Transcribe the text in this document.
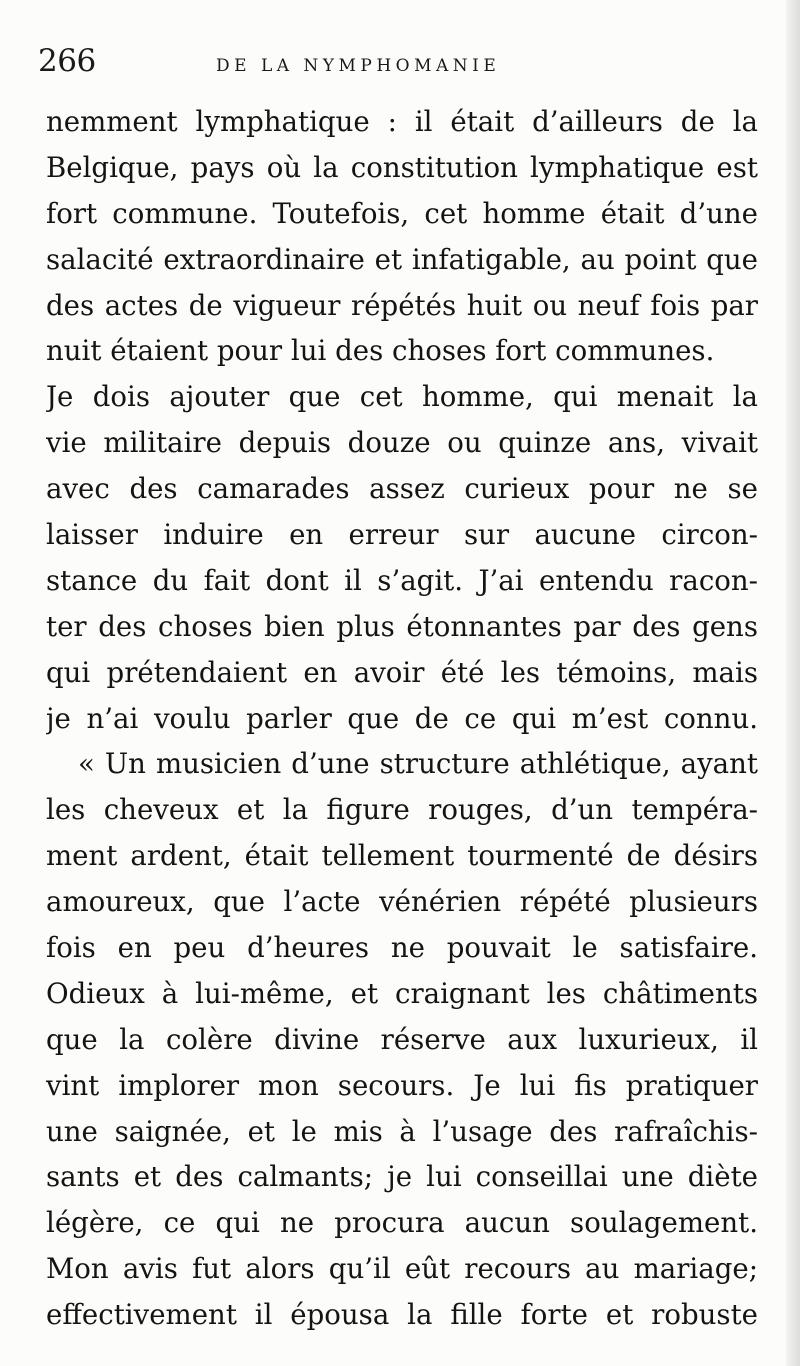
266	DE LA NYMPHOMANIE
nemment lymphatique : il était d’ailleurs de la
Belgique, pays où la constitution lymphatique est
fort commune. Toutefois, cet homme était d’une
salacité extraordinaire et infatigable, au point que
des actes de vigueur répétés huit ou neuf fois par
nuit étaient pour lui des choses fort communes.
Je dois ajouter que cet homme, qui menait la
vie militaire depuis douze ou quinze ans, vivait
avec des camarades assez curieux pour ne se
laisser induire en erreur sur aucune circon-
stance du fait dont il s’agit. J’ai entendu racon-
ter des choses bien plus étonnantes par des gens
qui prétendaient en avoir été les témoins, mais
je n’ai voulu parler que de ce qui m’est connu.
« Un musicien d’une structure athlétique, ayant
les cheveux et la figure rouges, d’un tempéra-
ment ardent, était tellement tourmenté de désirs
amoureux, que l’acte vénérien répété plusieurs
fois en peu d’heures ne pouvait le satisfaire.
Odieux à lui-même, et craignant les châtiments
que la colère divine réserve aux luxurieux, il
vint implorer mon secours. Je lui fis pratiquer
une saignée, et le mis à l’usage des rafraîchis-
sants et des calmants; je lui conseillai une diète
légère, ce qui ne procura aucun soulagement.
Mon avis fut alors qu’il eût recours au mariage;
effectivement il épousa la fille forte et robuste
